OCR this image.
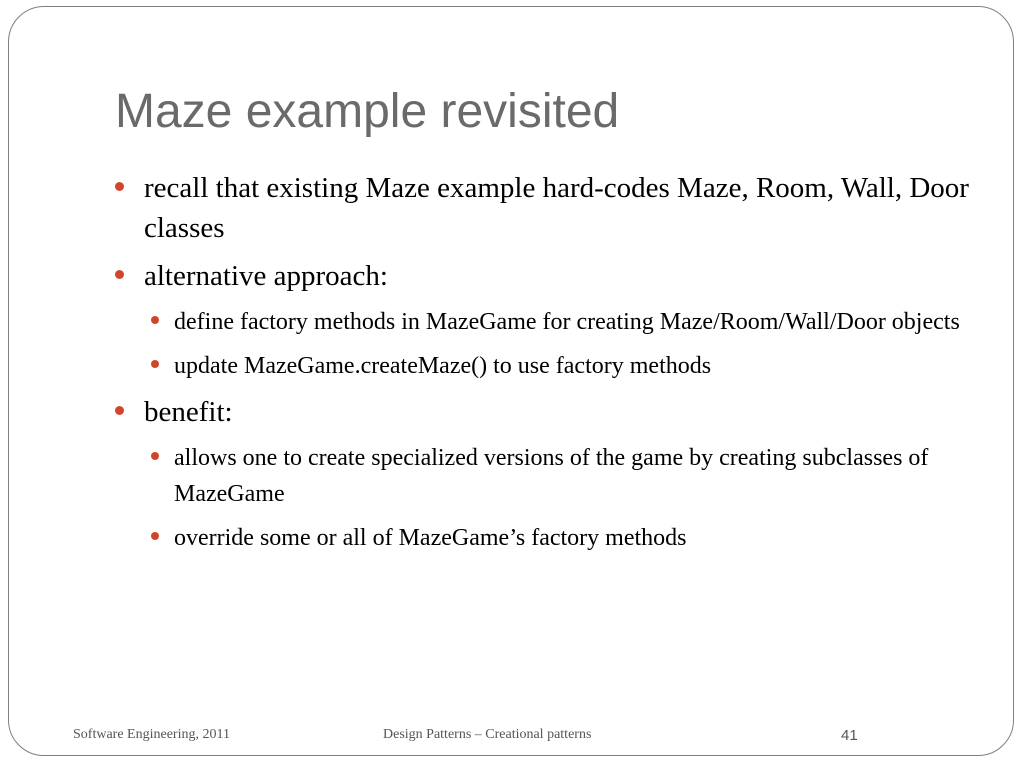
Maze example revisited
recall that existing Maze example hard-codes Maze, Room, Wall, Door classes
alternative approach:
define factory methods in MazeGame for creating Maze/Room/Wall/Door objects
update MazeGame.createMaze() to use factory methods
benefit:
allows one to create specialized versions of the game by creating subclasses of MazeGame
override some or all of MazeGame’s factory methods
Software Engineering, 2011	Design Patterns – Creational patterns	41
